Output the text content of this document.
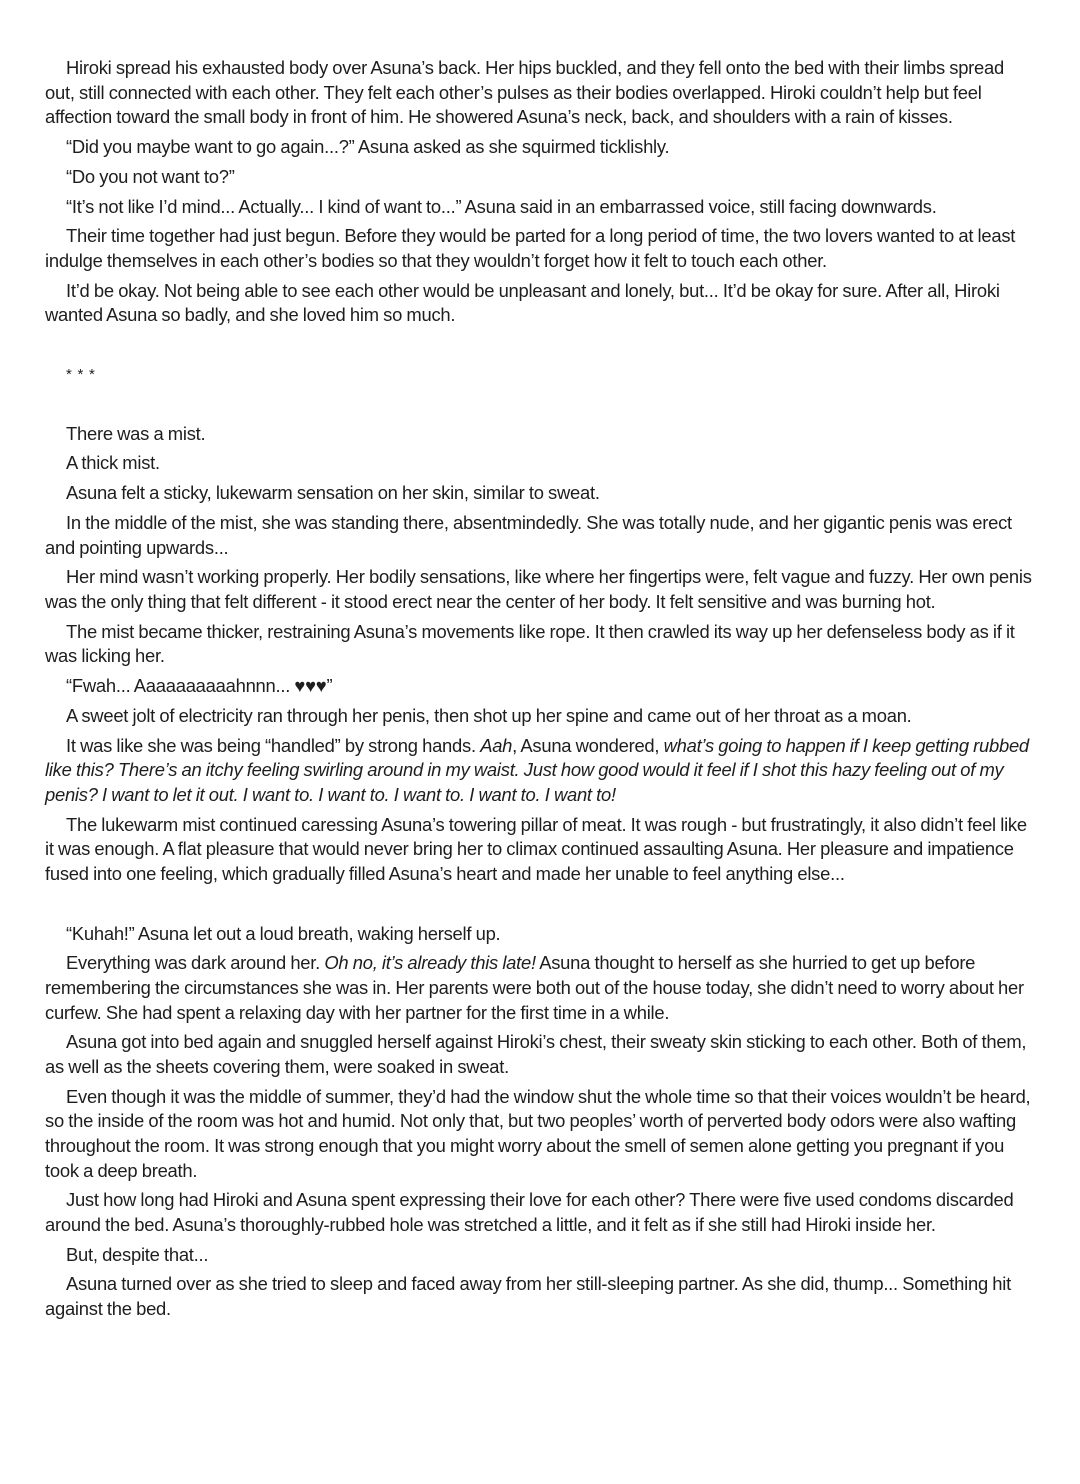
Hiroki spread his exhausted body over Asuna’s back. Her hips buckled, and they fell onto the bed with their limbs spread out, still connected with each other. They felt each other’s pulses as their bodies overlapped. Hiroki couldn’t help but feel affection toward the small body in front of him. He showered Asuna’s neck, back, and shoulders with a rain of kisses.
“Did you maybe want to go again...?” Asuna asked as she squirmed ticklishly.
“Do you not want to?”
“It’s not like I’d mind... Actually... I kind of want to...” Asuna said in an embarrassed voice, still facing downwards.
Their time together had just begun. Before they would be parted for a long period of time, the two lovers wanted to at least indulge themselves in each other’s bodies so that they wouldn’t forget how it felt to touch each other.
It’d be okay. Not being able to see each other would be unpleasant and lonely, but... It’d be okay for sure. After all, Hiroki wanted Asuna so badly, and she loved him so much.
* * *
There was a mist.
A thick mist.
Asuna felt a sticky, lukewarm sensation on her skin, similar to sweat.
In the middle of the mist, she was standing there, absentmindedly. She was totally nude, and her gigantic penis was erect and pointing upwards...
Her mind wasn’t working properly. Her bodily sensations, like where her fingertips were, felt vague and fuzzy. Her own penis was the only thing that felt different - it stood erect near the center of her body. It felt sensitive and was burning hot.
The mist became thicker, restraining Asuna’s movements like rope. It then crawled its way up her defenseless body as if it was licking her.
“Fwah... Aaaaaaaaaahnnn... ♥♥♥”
A sweet jolt of electricity ran through her penis, then shot up her spine and came out of her throat as a moan.
It was like she was being “handled” by strong hands. Aah, Asuna wondered, what’s going to happen if I keep getting rubbed like this? There’s an itchy feeling swirling around in my waist. Just how good would it feel if I shot this hazy feeling out of my penis? I want to let it out. I want to. I want to. I want to. I want to. I want to!
The lukewarm mist continued caressing Asuna’s towering pillar of meat. It was rough - but frustratingly, it also didn’t feel like it was enough. A flat pleasure that would never bring her to climax continued assaulting Asuna. Her pleasure and impatience fused into one feeling, which gradually filled Asuna’s heart and made her unable to feel anything else...
“Kuhah!” Asuna let out a loud breath, waking herself up.
Everything was dark around her. Oh no, it’s already this late! Asuna thought to herself as she hurried to get up before remembering the circumstances she was in. Her parents were both out of the house today, she didn’t need to worry about her curfew. She had spent a relaxing day with her partner for the first time in a while.
Asuna got into bed again and snuggled herself against Hiroki’s chest, their sweaty skin sticking to each other. Both of them, as well as the sheets covering them, were soaked in sweat.
Even though it was the middle of summer, they’d had the window shut the whole time so that their voices wouldn’t be heard, so the inside of the room was hot and humid. Not only that, but two peoples’ worth of perverted body odors were also wafting throughout the room. It was strong enough that you might worry about the smell of semen alone getting you pregnant if you took a deep breath.
Just how long had Hiroki and Asuna spent expressing their love for each other? There were five used condoms discarded around the bed. Asuna’s thoroughly-rubbed hole was stretched a little, and it felt as if she still had Hiroki inside her.
But, despite that...
Asuna turned over as she tried to sleep and faced away from her still-sleeping partner. As she did, thump... Something hit against the bed.
